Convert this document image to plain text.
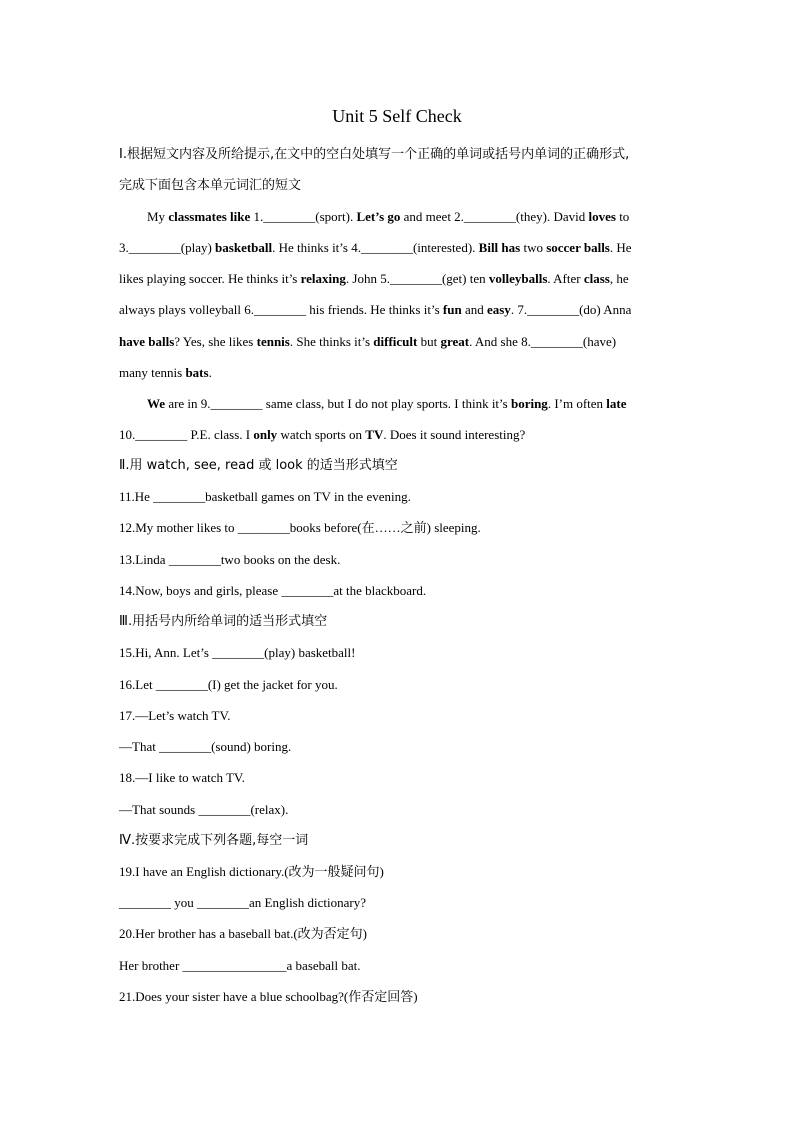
Unit 5 Self Check
Ⅰ.根据短文内容及所给提示,在文中的空白处填写一个正确的单词或括号内单词的正确形式,
完成下面包含本单元词汇的短文
My classmates like 1.________(sport). Let’s go and meet 2.________(they). David loves to
3.________(play) basketball. He thinks it’s 4.________(interested). Bill has two soccer balls. He
likes playing soccer. He thinks it’s relaxing. John 5.________(get) ten volleyballs. After class, he
always plays volleyball 6.________ his friends. He thinks it’s fun and easy. 7.________(do) Anna
have balls? Yes, she likes tennis. She thinks it’s difficult but great. And she 8.________(have)
many tennis bats.
We are in 9.________ same class, but I do not play sports. I think it’s boring. I’m often late
10.________ P.E. class. I only watch sports on TV. Does it sound interesting?
Ⅱ.用 watch, see, read 或 look 的适当形式填空
11.He ________basketball games on TV in the evening.
12.My mother likes to ________books before(在……之前) sleeping.
13.Linda ________two books on the desk.
14.Now, boys and girls, please ________at the blackboard.
Ⅲ.用括号内所给单词的适当形式填空
15.Hi, Ann. Let’s ________(play) basketball!
16.Let ________(I) get the jacket for you.
17.—Let’s watch TV.
—That ________(sound) boring.
18.—I like to watch TV.
—That sounds ________(relax).
Ⅳ.按要求完成下列各题,每空一词
19.I have an English dictionary.(改为一般疑问句)
________ you ________an English dictionary?
20.Her brother has a baseball bat.(改为否定句)
Her brother ________________a baseball bat.
21.Does your sister have a blue schoolbag?(作否定回答)
